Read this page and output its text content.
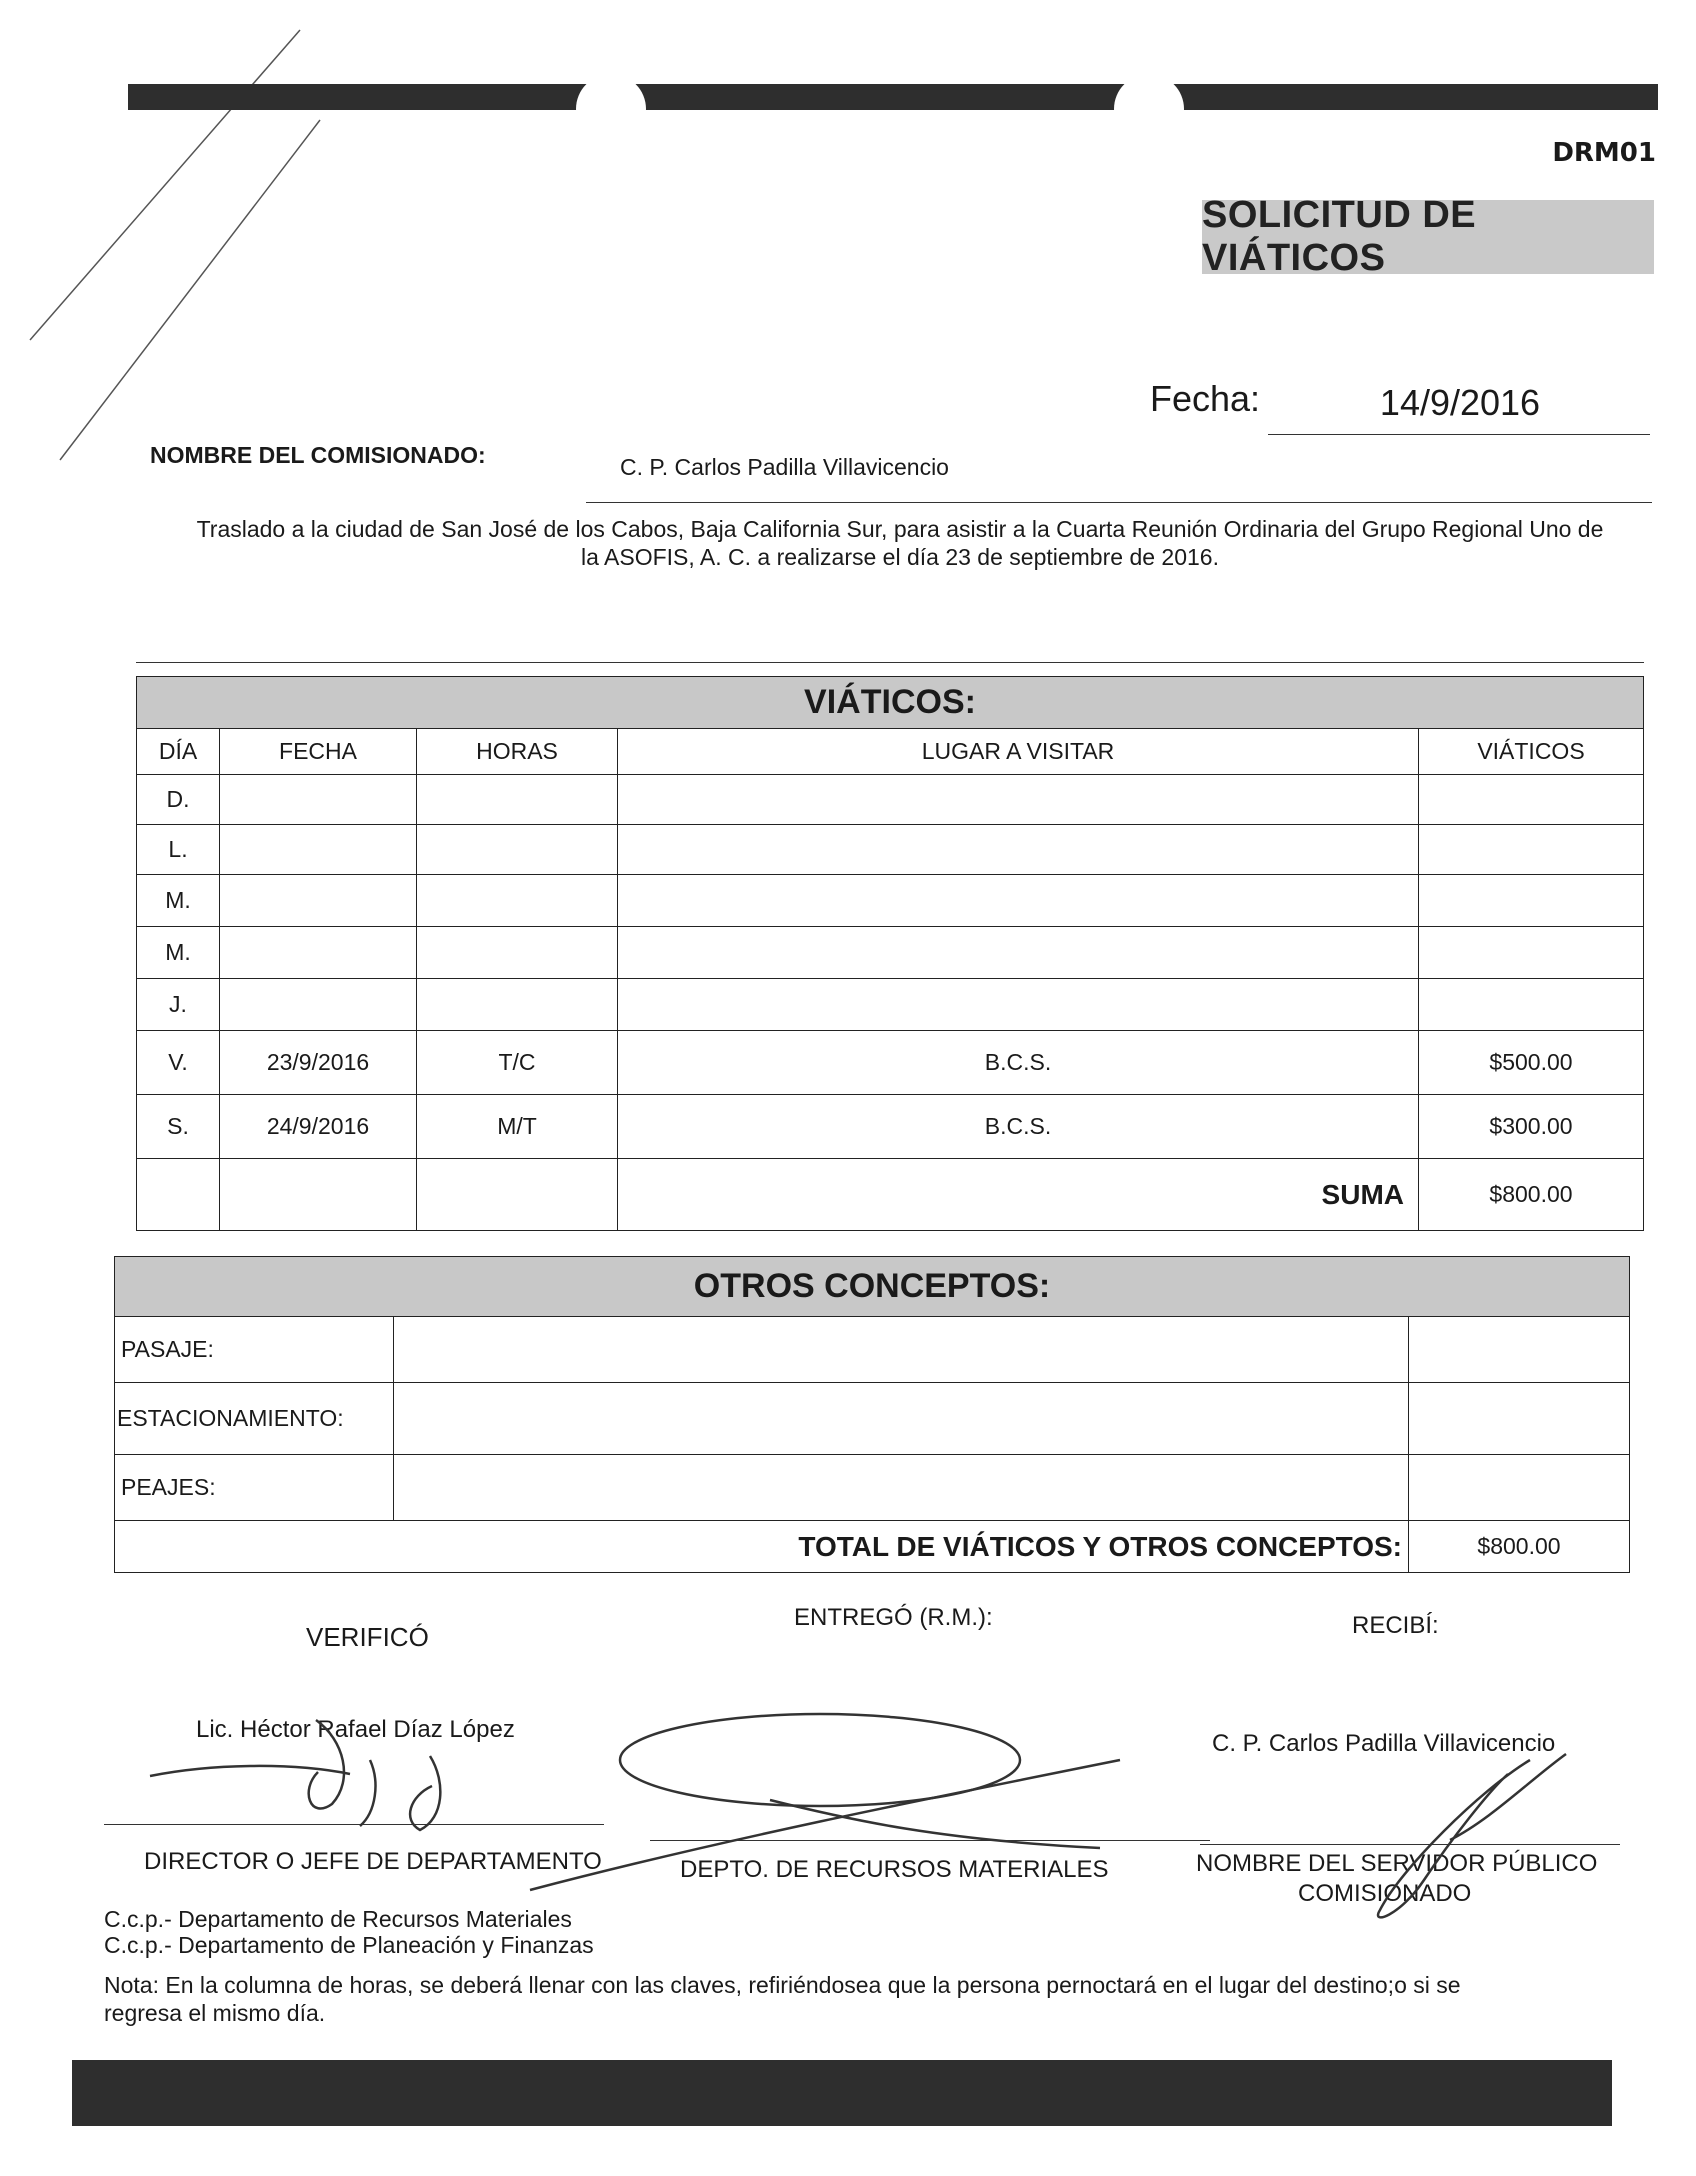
DRM01
SOLICITUD DE VIÁTICOS
Fecha:	14/9/2016
NOMBRE DEL COMISIONADO:	C. P. Carlos Padilla Villavicencio
Traslado a la ciudad de San José de los Cabos, Baja California Sur, para asistir a la Cuarta Reunión Ordinaria del Grupo Regional Uno de
la ASOFIS, A. C. a realizarse el día 23 de septiembre de 2016.
VIÁTICOS:				
DÍA	FECHA	HORAS	LUGAR A VISITAR	VIÁTICOS
D.				
L.				
M.				
M.				
J.				
V.	23/9/2016	T/C	B.C.S.	$500.00
S.	24/9/2016	M/T	B.C.S.	$300.00
			SUMA	$800.00
OTROS CONCEPTOS:		
PASAJE:		
ESTACIONAMIENTO:		
PEAJES:		
TOTAL DE VIÁTICOS Y OTROS CONCEPTOS:		$800.00
VERIFICÓ
ENTREGÓ (R.M.):	RECIBÍ:
Lic. Héctor Rafael Díaz López
C. P. Carlos Padilla Villavicencio
DIRECTOR O JEFE DE DEPARTAMENTO	DEPTO. DE RECURSOS MATERIALES	NOMBRE DEL SERVIDOR PÚBLICO
COMISIONADO
C.c.p.- Departamento de Recursos Materiales
C.c.p.- Departamento de Planeación y Finanzas
Nota: En la columna de horas, se deberá llenar con las claves, refiriéndosea que la persona pernoctará en el lugar del destino;o si se
regresa el mismo día.
